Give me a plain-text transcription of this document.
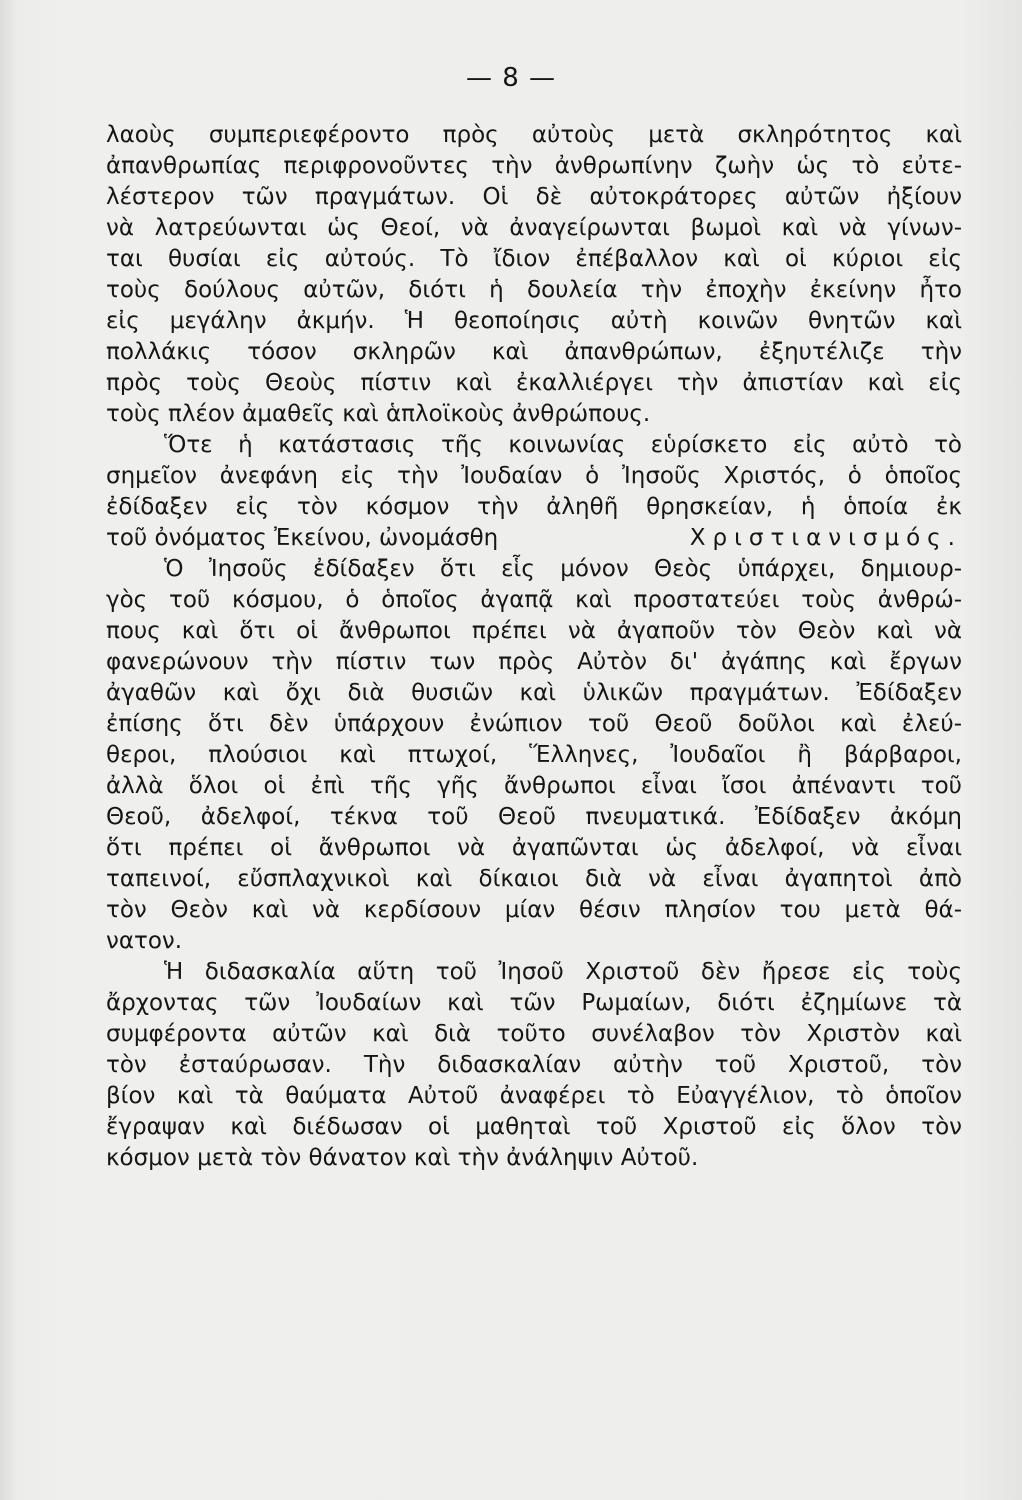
— 8 —
λαοὺς συμπεριεφέροντο πρὸς αὐτοὺς μετὰ σκληρότητος καὶ
ἀπανθρωπίας περιφρονοῦντες τὴν ἀνθρωπίνην ζωὴν ὡς τὸ εὐτε-
λέστερον τῶν πραγμάτων. Οἱ δὲ αὐτοκράτορες αὐτῶν ἠξίουν
νὰ λατρεύωνται ὡς Θεοί, νὰ ἀναγείρωνται βωμοὶ καὶ νὰ γίνων-
ται θυσίαι εἰς αὐτούς. Τὸ ἴδιον ἐπέβαλλον καὶ οἱ κύριοι εἰς
τοὺς δούλους αὐτῶν, διότι ἡ δουλεία τὴν ἐποχὴν ἐκείνην ἦτο
εἰς μεγάλην ἀκμήν. Ἡ θεοποίησις αὐτὴ κοινῶν θνητῶν καὶ
πολλάκις τόσον σκληρῶν καὶ ἀπανθρώπων, ἐξηυτέλιζε τὴν
πρὸς τοὺς Θεοὺς πίστιν καὶ ἐκαλλιέργει τὴν ἀπιστίαν καὶ εἰς
τοὺς πλέον ἀμαθεῖς καὶ ἁπλοϊκοὺς ἀνθρώπους.
Ὅτε ἡ κατάστασις τῆς κοινωνίας εὑρίσκετο εἰς αὐτὸ τὸ
σημεῖον ἀνεφάνη εἰς τὴν Ἰουδαίαν ὁ Ἰησοῦς Χριστός, ὁ ὁποῖος
ἐδίδαξεν εἰς τὸν κόσμον τὴν ἀληθῆ θρησκείαν, ἡ ὁποία ἐκ
τοῦ ὀνόματος Ἐκείνου, ὠνομάσθη	Χριστιανισμός.
Ὁ Ἰησοῦς ἐδίδαξεν ὅτι εἷς μόνον Θεὸς ὑπάρχει, δημιουρ-
γὸς τοῦ κόσμου, ὁ ὁποῖος ἀγαπᾷ καὶ προστατεύει τοὺς ἀνθρώ-
πους καὶ ὅτι οἱ ἄνθρωποι πρέπει νὰ ἀγαποῦν τὸν Θεὸν καὶ νὰ
φανερώνουν τὴν πίστιν των πρὸς Αὐτὸν δι' ἀγάπης καὶ ἔργων
ἀγαθῶν καὶ ὄχι διὰ θυσιῶν καὶ ὑλικῶν πραγμάτων. Ἐδίδαξεν
ἐπίσης ὅτι δὲν ὑπάρχουν ἐνώπιον τοῦ Θεοῦ δοῦλοι καὶ ἐλεύ-
θεροι, πλούσιοι καὶ πτωχοί, Ἕλληνες, Ἰουδαῖοι ἢ βάρβαροι,
ἀλλὰ ὅλοι οἱ ἐπὶ τῆς γῆς ἄνθρωποι εἶναι ἴσοι ἀπέναντι τοῦ
Θεοῦ, ἀδελφοί, τέκνα τοῦ Θεοῦ πνευματικά. Ἐδίδαξεν ἀκόμη
ὅτι πρέπει οἱ ἄνθρωποι νὰ ἀγαπῶνται ὡς ἀδελφοί, νὰ εἶναι
ταπεινοί, εὔσπλαχνικοὶ καὶ δίκαιοι διὰ νὰ εἶναι ἀγαπητοὶ ἀπὸ
τὸν Θεὸν καὶ νὰ κερδίσουν μίαν θέσιν πλησίον του μετὰ θά-
νατον.
Ἡ διδασκαλία αὕτη τοῦ Ἰησοῦ Χριστοῦ δὲν ἤρεσε εἰς τοὺς
ἄρχοντας τῶν Ἰουδαίων καὶ τῶν Ρωμαίων, διότι ἐζημίωνε τὰ
συμφέροντα αὐτῶν καὶ διὰ τοῦτο συνέλαβον τὸν Χριστὸν καὶ
τὸν ἐσταύρωσαν. Τὴν διδασκαλίαν αὐτὴν τοῦ Χριστοῦ, τὸν
βίον καὶ τὰ θαύματα Αὐτοῦ ἀναφέρει τὸ Εὐαγγέλιον, τὸ ὁποῖον
ἔγραψαν καὶ διέδωσαν οἱ μαθηταὶ τοῦ Χριστοῦ εἰς ὅλον τὸν
κόσμον μετὰ τὸν θάνατον καὶ τὴν ἀνάληψιν Αὐτοῦ.
